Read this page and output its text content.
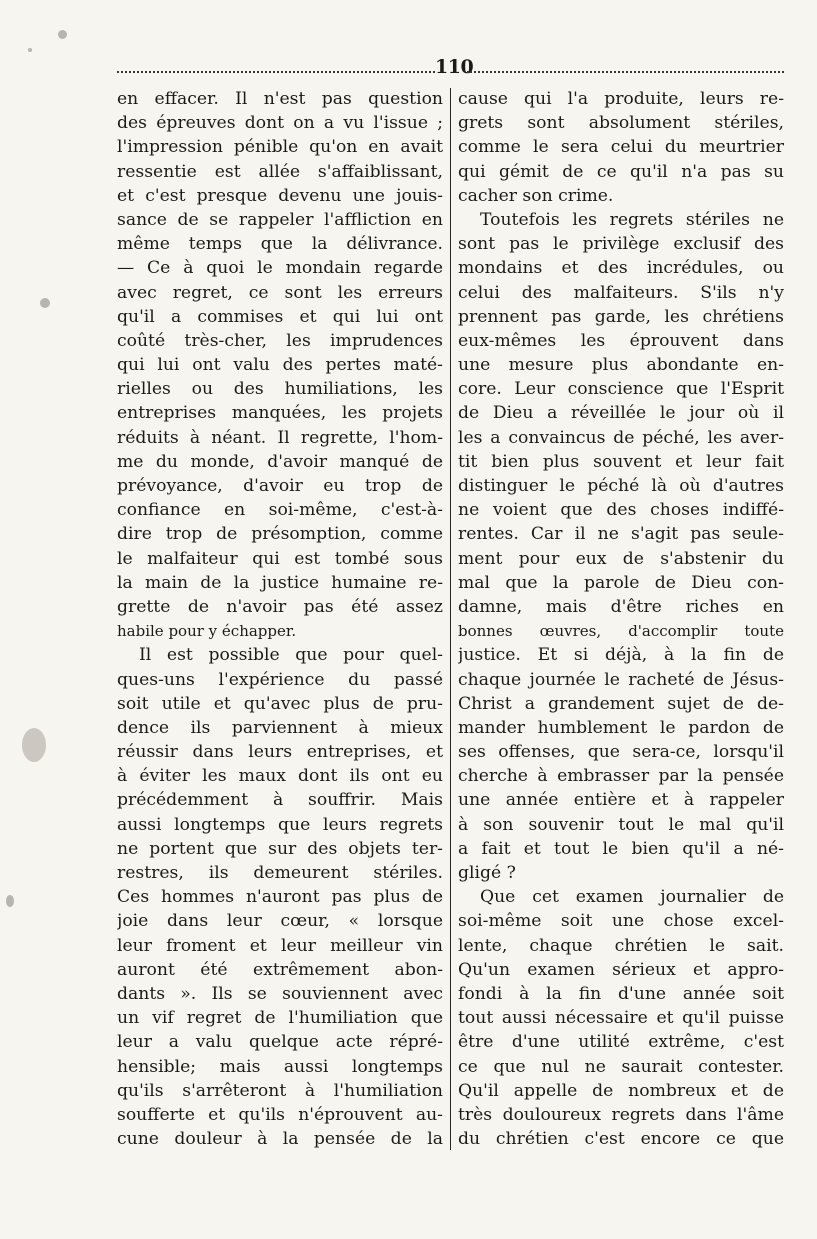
110
en effacer. Il n'est pas question
des épreuves dont on a vu l'issue ;
l'impression pénible qu'on en avait
ressentie est allée s'affaiblissant,
et c'est presque devenu une jouis-
sance de se rappeler l'affliction en
même temps que la délivrance.
— Ce à quoi le mondain regarde
avec regret, ce sont les erreurs
qu'il a commises et qui lui ont
coûté très-cher, les imprudences
qui lui ont valu des pertes maté-
rielles ou des humiliations, les
entreprises manquées, les projets
réduits à néant. Il regrette, l'hom-
me du monde, d'avoir manqué de
prévoyance, d'avoir eu trop de
confiance en soi-même, c'est-à-
dire trop de présomption, comme
le malfaiteur qui est tombé sous
la main de la justice humaine re-
grette de n'avoir pas été assez
habile pour y échapper.
Il est possible que pour quel-
ques-uns l'expérience du passé
soit utile et qu'avec plus de pru-
dence ils parviennent à mieux
réussir dans leurs entreprises, et
à éviter les maux dont ils ont eu
précédemment à souffrir. Mais
aussi longtemps que leurs regrets
ne portent que sur des objets ter-
restres, ils demeurent stériles.
Ces hommes n'auront pas plus de
joie dans leur cœur, « lorsque
leur froment et leur meilleur vin
auront été extrêmement abon-
dants ». Ils se souviennent avec
un vif regret de l'humiliation que
leur a valu quelque acte répré-
hensible; mais aussi longtemps
qu'ils s'arrêteront à l'humiliation
soufferte et qu'ils n'éprouvent au-
cune douleur à la pensée de la
cause qui l'a produite, leurs re-
grets sont absolument stériles,
comme le sera celui du meurtrier
qui gémit de ce qu'il n'a pas su
cacher son crime.
Toutefois les regrets stériles ne
sont pas le privilège exclusif des
mondains et des incrédules, ou
celui des malfaiteurs. S'ils n'y
prennent pas garde, les chrétiens
eux-mêmes les éprouvent dans
une mesure plus abondante en-
core. Leur conscience que l'Esprit
de Dieu a réveillée le jour où il
les a convaincus de péché, les aver-
tit bien plus souvent et leur fait
distinguer le péché là où d'autres
ne voient que des choses indiffé-
rentes. Car il ne s'agit pas seule-
ment pour eux de s'abstenir du
mal que la parole de Dieu con-
damne, mais d'être riches en
bonnes œuvres, d'accomplir toute
justice. Et si déjà, à la fin de
chaque journée le racheté de Jésus-
Christ a grandement sujet de de-
mander humblement le pardon de
ses offenses, que sera-ce, lorsqu'il
cherche à embrasser par la pensée
une année entière et à rappeler
à son souvenir tout le mal qu'il
a fait et tout le bien qu'il a né-
gligé ?
Que cet examen journalier de
soi-même soit une chose excel-
lente, chaque chrétien le sait.
Qu'un examen sérieux et appro-
fondi à la fin d'une année soit
tout aussi nécessaire et qu'il puisse
être d'une utilité extrême, c'est
ce que nul ne saurait contester.
Qu'il appelle de nombreux et de
très douloureux regrets dans l'âme
du chrétien c'est encore ce que
